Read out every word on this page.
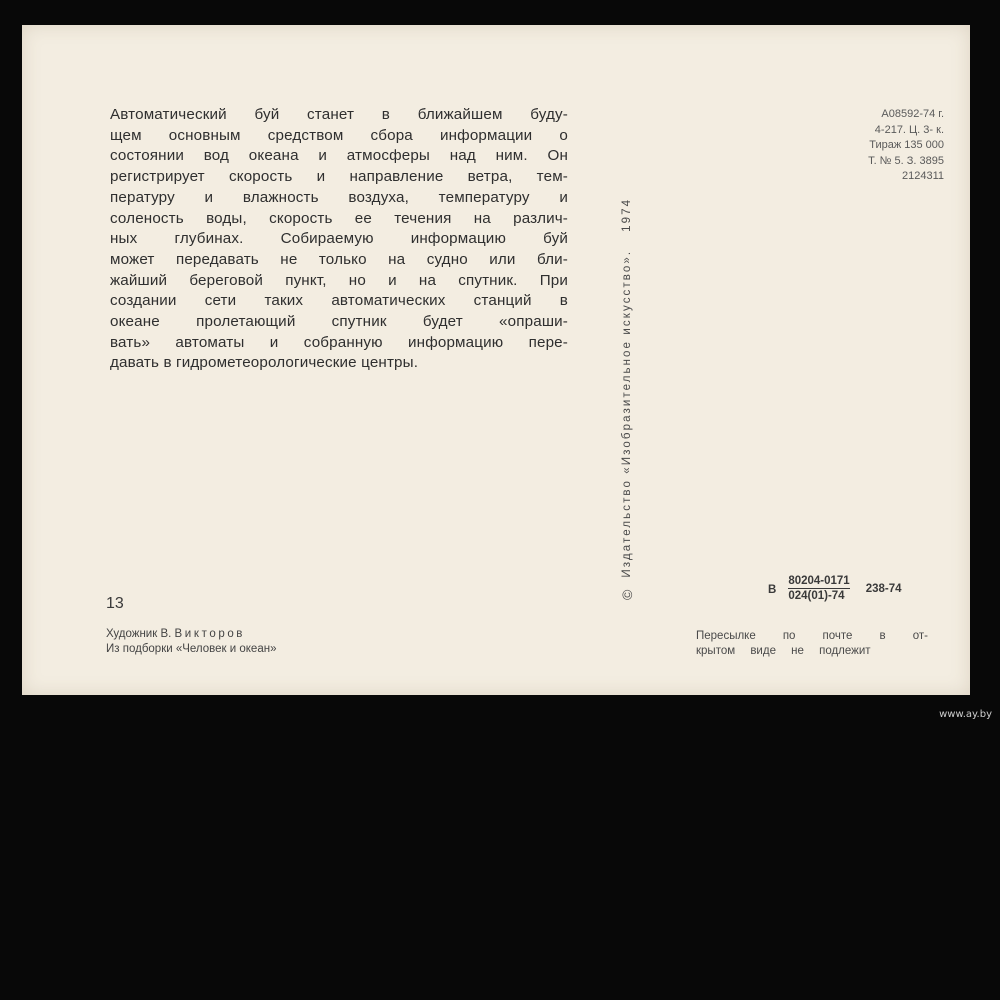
Автоматический буй станет в ближайшем буду-
щем основным средством сбора информации о
состоянии вод океана и атмосферы над ним. Он
регистрирует скорость и направление ветра, тем-
пературу и влажность воздуха, температуру и
соленость воды, скорость ее течения на различ-
ных глубинах. Собираемую информацию буй
может передавать не только на судно или бли-
жайший береговой пункт, но и на спутник. При
создании сети таких автоматических станций в
океане пролетающий спутник будет «опраши-
вать» автоматы и собранную информацию пере-
давать в гидрометеорологические центры.
А08592-74 г.
4-217. Ц. 3- к.
Тираж 135 000
Т. № 5. З. 3895
2124311
©
Издательство «Изобразительное искусство».
1974
13
Художник В. Викторов
Из подборки «Человек и океан»
В $\frac{80204-0171}{024(01)-74} 238-74$
Пересылке по почте в от-
крытом виде не подлежит
www.ay.by
